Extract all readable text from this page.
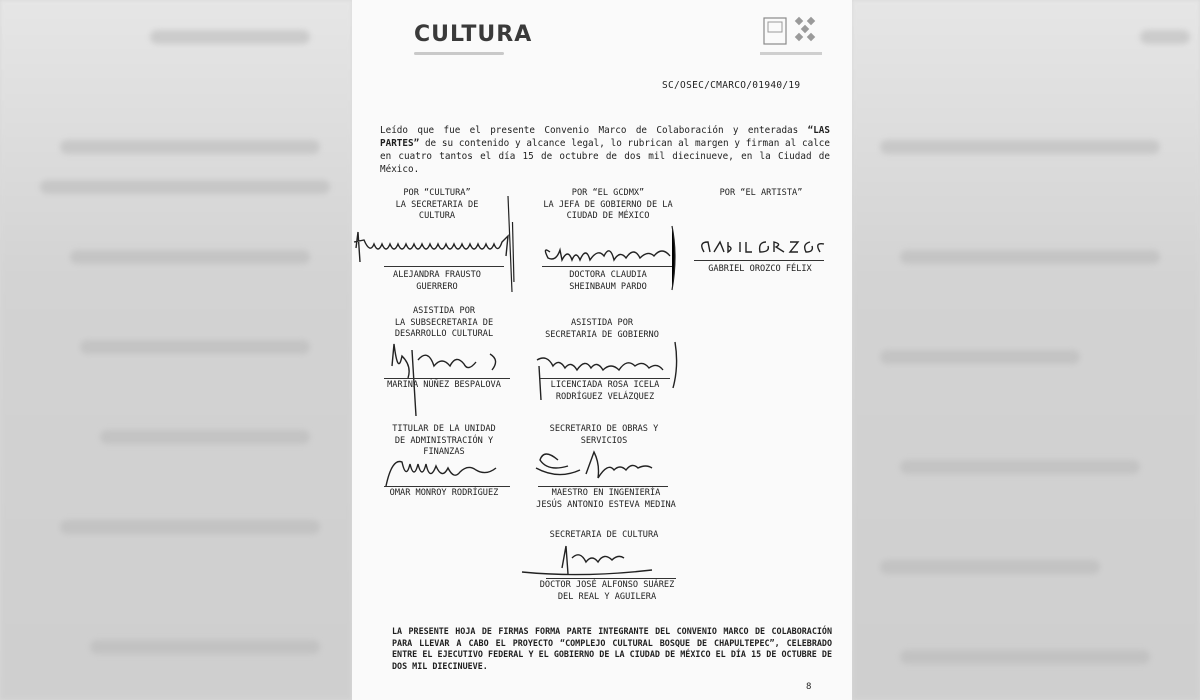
CULTURA
SC/OSEC/CMARCO/01940/19
Leído que fue el presente Convenio Marco de Colaboración y enteradas “LAS PARTES” de su contenido y alcance legal, lo rubrican al margen y firman al calce en cuatro tantos el día 15 de octubre de dos mil diecinueve, en la Ciudad de México.
POR “CULTURA”
LA SECRETARIA DE
CULTURA
ALEJANDRA FRAUSTO
GUERRERO
POR “EL GCDMX”
LA JEFA DE GOBIERNO DE LA
CIUDAD DE MÉXICO
DOCTORA CLAUDIA
SHEINBAUM PARDO
POR “EL ARTISTA”
GABRIEL OROZCO FÉLIX
ASISTIDA POR
LA SUBSECRETARIA DE
DESARROLLO CULTURAL
MARINA NÚÑEZ BESPALOVA
ASISTIDA POR
SECRETARIA DE GOBIERNO
LICENCIADA ROSA ICELA
RODRÍGUEZ VELÁZQUEZ
TITULAR DE LA UNIDAD
DE ADMINISTRACIÓN Y
FINANZAS
OMAR MONROY RODRÍGUEZ
SECRETARIO DE OBRAS Y
SERVICIOS
MAESTRO EN INGENIERÍA
JESÚS ANTONIO ESTEVA MEDINA
SECRETARIA DE CULTURA
DOCTOR JOSÉ ALFONSO SUÁREZ
DEL REAL Y AGUILERA
LA PRESENTE HOJA DE FIRMAS FORMA PARTE INTEGRANTE DEL CONVENIO MARCO DE COLABORACIÓN PARA LLEVAR A CABO EL PROYECTO “COMPLEJO CULTURAL BOSQUE DE CHAPULTEPEC”, CELEBRADO ENTRE EL EJECUTIVO FEDERAL Y EL GOBIERNO DE LA CIUDAD DE MÉXICO EL DÍA 15 DE OCTUBRE DE DOS MIL DIECINUEVE.
8
